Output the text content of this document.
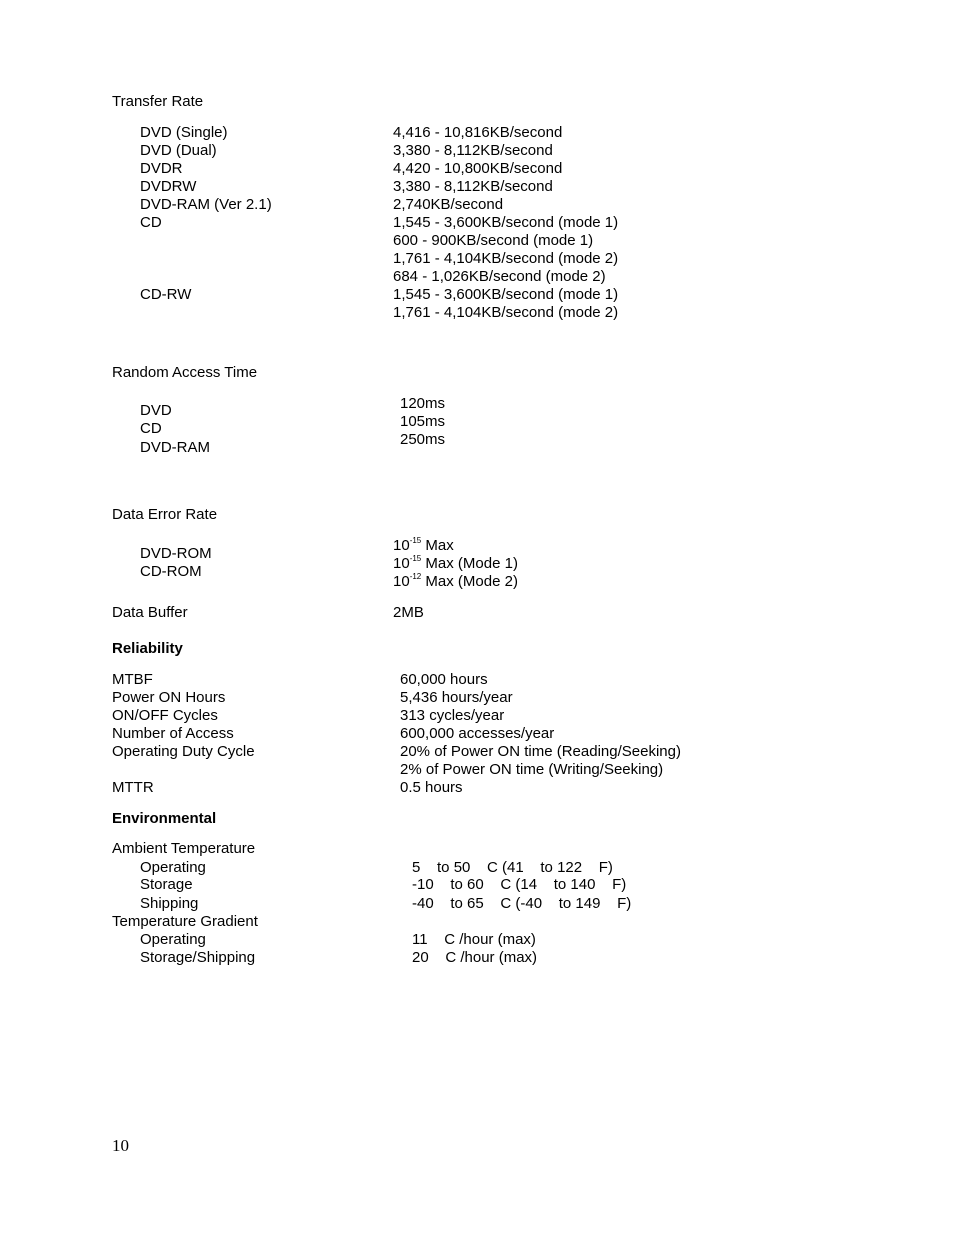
Transfer Rate
DVD (Single)
DVD (Dual)
DVDR
DVDRW
DVD-RAM (Ver 2.1)
CD
CD-RW
4,416 - 10,816KB/second
3,380 - 8,112KB/second
4,420 - 10,800KB/second
3,380 - 8,112KB/second
2,740KB/second
1,545 - 3,600KB/second (mode 1)
600 - 900KB/second (mode 1)
1,761 - 4,104KB/second (mode 2)
684 - 1,026KB/second (mode 2)
1,545 - 3,600KB/second (mode 1)
1,761 - 4,104KB/second (mode 2)
Random Access Time
DVD
CD
DVD-RAM
120ms
105ms
250ms
Data Error Rate
DVD-ROM
CD-ROM
$10^{-15}$ Max
$10^{-15}$ Max (Mode 1)
$10^{-12}$ Max (Mode 2)
Data Buffer	2MB
Reliability
MTBF
Power ON Hours
ON/OFF Cycles
Number of Access
Operating Duty Cycle
MTTR
60,000 hours
5,436 hours/year
313 cycles/year
600,000 accesses/year
20% of Power ON time (Reading/Seeking)
2% of Power ON time (Writing/Seeking)
0.5 hours
Environmental
Ambient Temperature
Operating
Storage
Shipping
Temperature Gradient
Operating
Storage/Shipping
5    to 50    C (41    to 122    F)
-10    to 60    C (14    to 140    F)
-40    to 65    C (-40    to 149    F)
11    C /hour (max)
20    C /hour (max)
10
